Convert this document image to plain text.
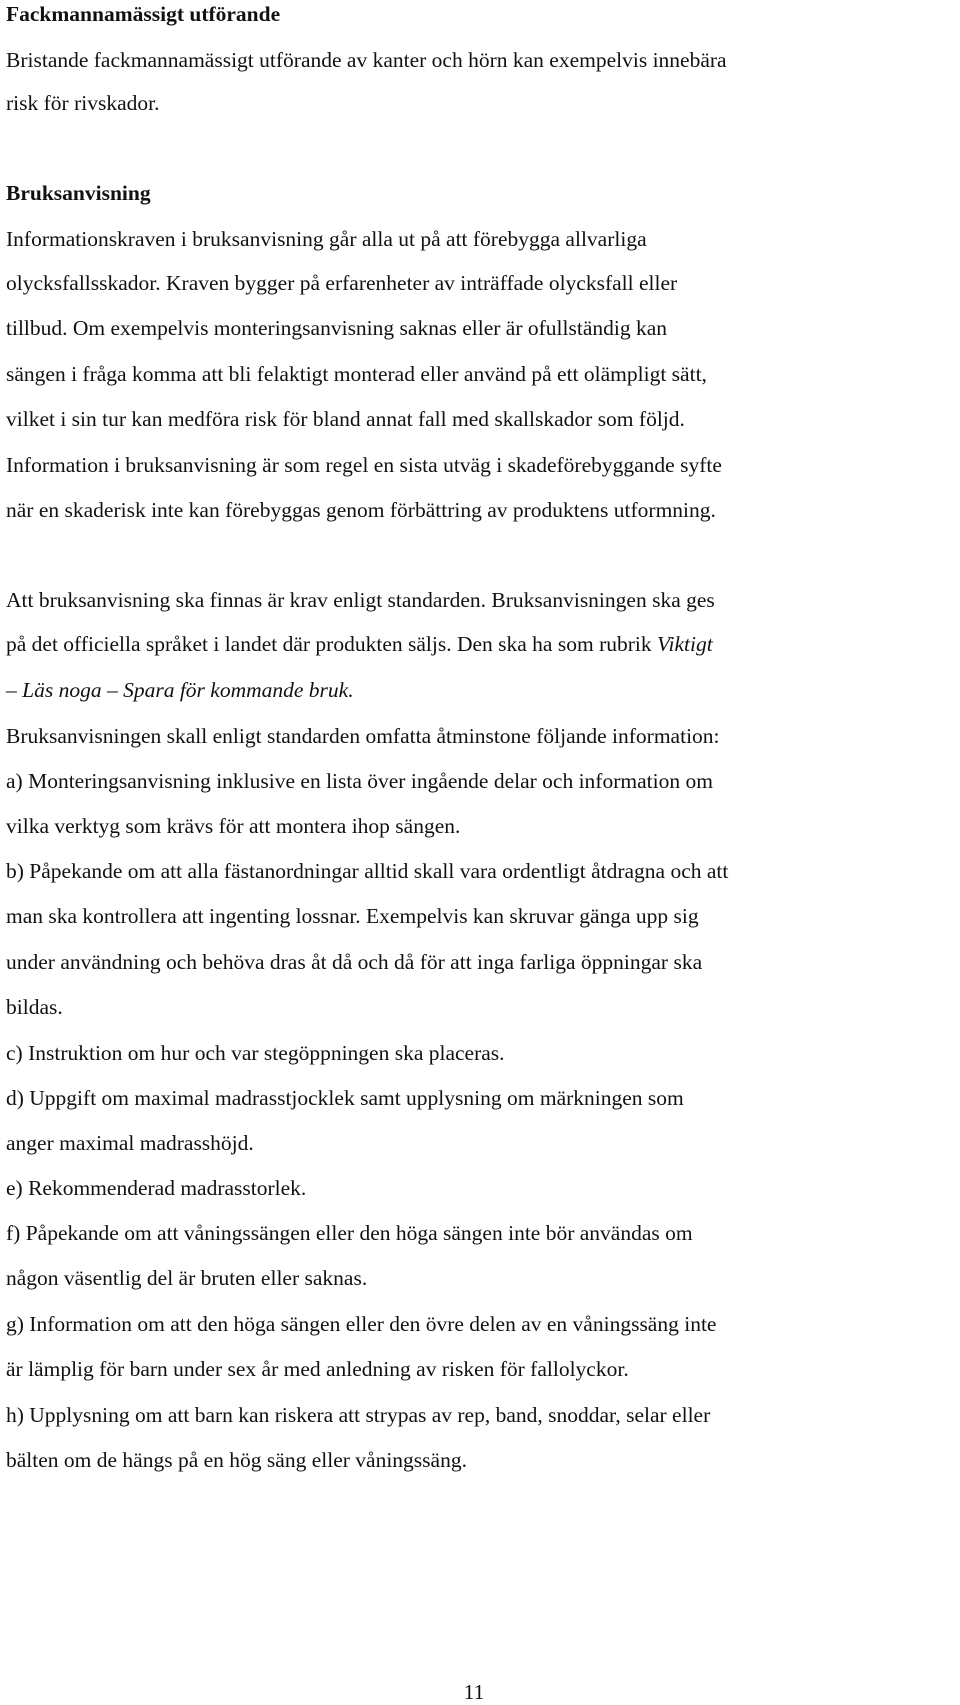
Fackmannamässigt utförande
Bristande fackmannamässigt utförande av kanter och hörn kan exempelvis innebära
risk för rivskador.
Bruksanvisning
Informationskraven i bruksanvisning går alla ut på att förebygga allvarliga
olycksfallsskador. Kraven bygger på erfarenheter av inträffade olycksfall eller
tillbud. Om exempelvis monteringsanvisning saknas eller är ofullständig kan
sängen i fråga komma att bli felaktigt monterad eller använd på ett olämpligt sätt,
vilket i sin tur kan medföra risk för bland annat fall med skallskador som följd.
Information i bruksanvisning är som regel en sista utväg i skadeförebyggande syfte
när en skaderisk inte kan förebyggas genom förbättring av produktens utformning.
Att bruksanvisning ska finnas är krav enligt standarden. Bruksanvisningen ska ges
på det officiella språket i landet där produkten säljs. Den ska ha som rubrik Viktigt
– Läs noga – Spara för kommande bruk.
Bruksanvisningen skall enligt standarden omfatta åtminstone följande information:
a) Monteringsanvisning inklusive en lista över ingående delar och information om
vilka verktyg som krävs för att montera ihop sängen.
b) Påpekande om att alla fästanordningar alltid skall vara ordentligt åtdragna och att
man ska kontrollera att ingenting lossnar. Exempelvis kan skruvar gänga upp sig
under användning och behöva dras åt då och då för att inga farliga öppningar ska
bildas.
c) Instruktion om hur och var stegöppningen ska placeras.
d) Uppgift om maximal madrasstjocklek samt upplysning om märkningen som
anger maximal madrasshöjd.
e) Rekommenderad madrasstorlek.
f) Påpekande om att våningssängen eller den höga sängen inte bör användas om
någon väsentlig del är bruten eller saknas.
g) Information om att den höga sängen eller den övre delen av en våningssäng inte
är lämplig för barn under sex år med anledning av risken för fallolyckor.
h) Upplysning om att barn kan riskera att strypas av rep, band, snoddar, selar eller
bälten om de hängs på en hög säng eller våningssäng.
11
